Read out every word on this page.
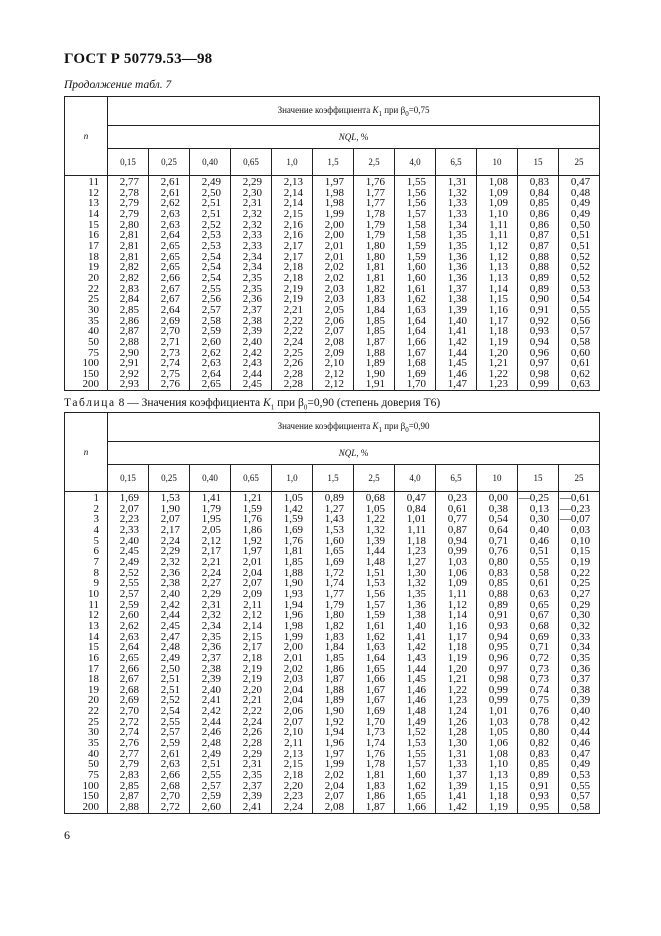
ГОСТ Р 50779.53—98
Продолжение табл. 7
n	Значение коэффициента $K_1$ при $\beta_0=0,75$											
	NQL, %											
	0,15	0,25	0,40	0,65	1,0	1,5	2,5	4,0	6,5	10	15	25
11	2,77	2,61	2,49	2,29	2,13	1,97	1,76	1,55	1,31	1,08	0,83	0,47
12	2,78	2,61	2,50	2,30	2,14	1,98	1,77	1,56	1,32	1,09	0,84	0,48
13	2,79	2,62	2,51	2,31	2,14	1,98	1,77	1,56	1,33	1,09	0,85	0,49
14	2,79	2,63	2,51	2,32	2,15	1,99	1,78	1,57	1,33	1,10	0,86	0,49
15	2,80	2,63	2,52	2,32	2,16	2,00	1,79	1,58	1,34	1,11	0,86	0,50
16	2,81	2,64	2,53	2,33	2,16	2,00	1,79	1,58	1,35	1,11	0,87	0,51
17	2,81	2,65	2,53	2,33	2,17	2,01	1,80	1,59	1,35	1,12	0,87	0,51
18	2,81	2,65	2,54	2,34	2,17	2,01	1,80	1,59	1,36	1,12	0,88	0,52
19	2,82	2,65	2,54	2,34	2,18	2,02	1,81	1,60	1,36	1,13	0,88	0,52
20	2,82	2,66	2,54	2,35	2,18	2,02	1,81	1,60	1,36	1,13	0,89	0,52
22	2,83	2,67	2,55	2,35	2,19	2,03	1,82	1,61	1,37	1,14	0,89	0,53
25	2,84	2,67	2,56	2,36	2,19	2,03	1,83	1,62	1,38	1,15	0,90	0,54
30	2,85	2,64	2,57	2,37	2,21	2,05	1,84	1,63	1,39	1,16	0,91	0,55
35	2,86	2,69	2,58	2,38	2,22	2,06	1,85	1,64	1,40	1,17	0,92	0,56
40	2,87	2,70	2,59	2,39	2,22	2,07	1,85	1,64	1,41	1,18	0,93	0,57
50	2,88	2,71	2,60	2,40	2,24	2,08	1,87	1,66	1,42	1,19	0,94	0,58
75	2,90	2,73	2,62	2,42	2,25	2,09	1,88	1,67	1,44	1,20	0,96	0,60
100	2,91	2,74	2,63	2,43	2,26	2,10	1,89	1,68	1,45	1,21	0,97	0,61
150	2,92	2,75	2,64	2,44	2,28	2,12	1,90	1,69	1,46	1,22	0,98	0,62
200	2,93	2,76	2,65	2,45	2,28	2,12	1,91	1,70	1,47	1,23	0,99	0,63
Таблица 8 — Значения коэффициента $K_1$ при $\beta_0=0,90$ (степень доверия Т6)
n	Значение коэффициента $K_1$ при $\beta_0=0,90$											
	NQL, %											
	0,15	0,25	0,40	0,65	1,0	1,5	2,5	4,0	6,5	10	15	25
1	1,69	1,53	1,41	1,21	1,05	0,89	0,68	0,47	0,23	0,00	—0,25	—0,61
2	2,07	1,90	1,79	1,59	1,42	1,27	1,05	0,84	0,61	0,38	0,13	—0,23
3	2,23	2,07	1,95	1,76	1,59	1,43	1,22	1,01	0,77	0,54	0,30	—0,07
4	2,33	2,17	2,05	1,86	1,69	1,53	1,32	1,11	0,87	0,64	0,40	0,03
5	2,40	2,24	2,12	1,92	1,76	1,60	1,39	1,18	0,94	0,71	0,46	0,10
6	2,45	2,29	2,17	1,97	1,81	1,65	1,44	1,23	0,99	0,76	0,51	0,15
7	2,49	2,32	2,21	2,01	1,85	1,69	1,48	1,27	1,03	0,80	0,55	0,19
8	2,52	2,36	2,24	2,04	1,88	1,72	1,51	1,30	1,06	0,83	0,58	0,22
9	2,55	2,38	2,27	2,07	1,90	1,74	1,53	1,32	1,09	0,85	0,61	0,25
10	2,57	2,40	2,29	2,09	1,93	1,77	1,56	1,35	1,11	0,88	0,63	0,27
11	2,59	2,42	2,31	2,11	1,94	1,79	1,57	1,36	1,12	0,89	0,65	0,29
12	2,60	2,44	2,32	2,12	1,96	1,80	1,59	1,38	1,14	0,91	0,67	0,30
13	2,62	2,45	2,34	2,14	1,98	1,82	1,61	1,40	1,16	0,93	0,68	0,32
14	2,63	2,47	2,35	2,15	1,99	1,83	1,62	1,41	1,17	0,94	0,69	0,33
15	2,64	2,48	2,36	2,17	2,00	1,84	1,63	1,42	1,18	0,95	0,71	0,34
16	2,65	2,49	2,37	2,18	2,01	1,85	1,64	1,43	1,19	0,96	0,72	0,35
17	2,66	2,50	2,38	2,19	2,02	1,86	1,65	1,44	1,20	0,97	0,73	0,36
18	2,67	2,51	2,39	2,19	2,03	1,87	1,66	1,45	1,21	0,98	0,73	0,37
19	2,68	2,51	2,40	2,20	2,04	1,88	1,67	1,46	1,22	0,99	0,74	0,38
20	2,69	2,52	2,41	2,21	2,04	1,89	1,67	1,46	1,23	0,99	0,75	0,39
22	2,70	2,54	2,42	2,22	2,06	1,90	1,69	1,48	1,24	1,01	0,76	0,40
25	2,72	2,55	2,44	2,24	2,07	1,92	1,70	1,49	1,26	1,03	0,78	0,42
30	2,74	2,57	2,46	2,26	2,10	1,94	1,73	1,52	1,28	1,05	0,80	0,44
35	2,76	2,59	2,48	2,28	2,11	1,96	1,74	1,53	1,30	1,06	0,82	0,46
40	2,77	2,61	2,49	2,29	2,13	1,97	1,76	1,55	1,31	1,08	0,83	0,47
50	2,79	2,63	2,51	2,31	2,15	1,99	1,78	1,57	1,33	1,10	0,85	0,49
75	2,83	2,66	2,55	2,35	2,18	2,02	1,81	1,60	1,37	1,13	0,89	0,53
100	2,85	2,68	2,57	2,37	2,20	2,04	1,83	1,62	1,39	1,15	0,91	0,55
150	2,87	2,70	2,59	2,39	2,23	2,07	1,86	1,65	1,41	1,18	0,93	0,57
200	2,88	2,72	2,60	2,41	2,24	2,08	1,87	1,66	1,42	1,19	0,95	0,58
6
